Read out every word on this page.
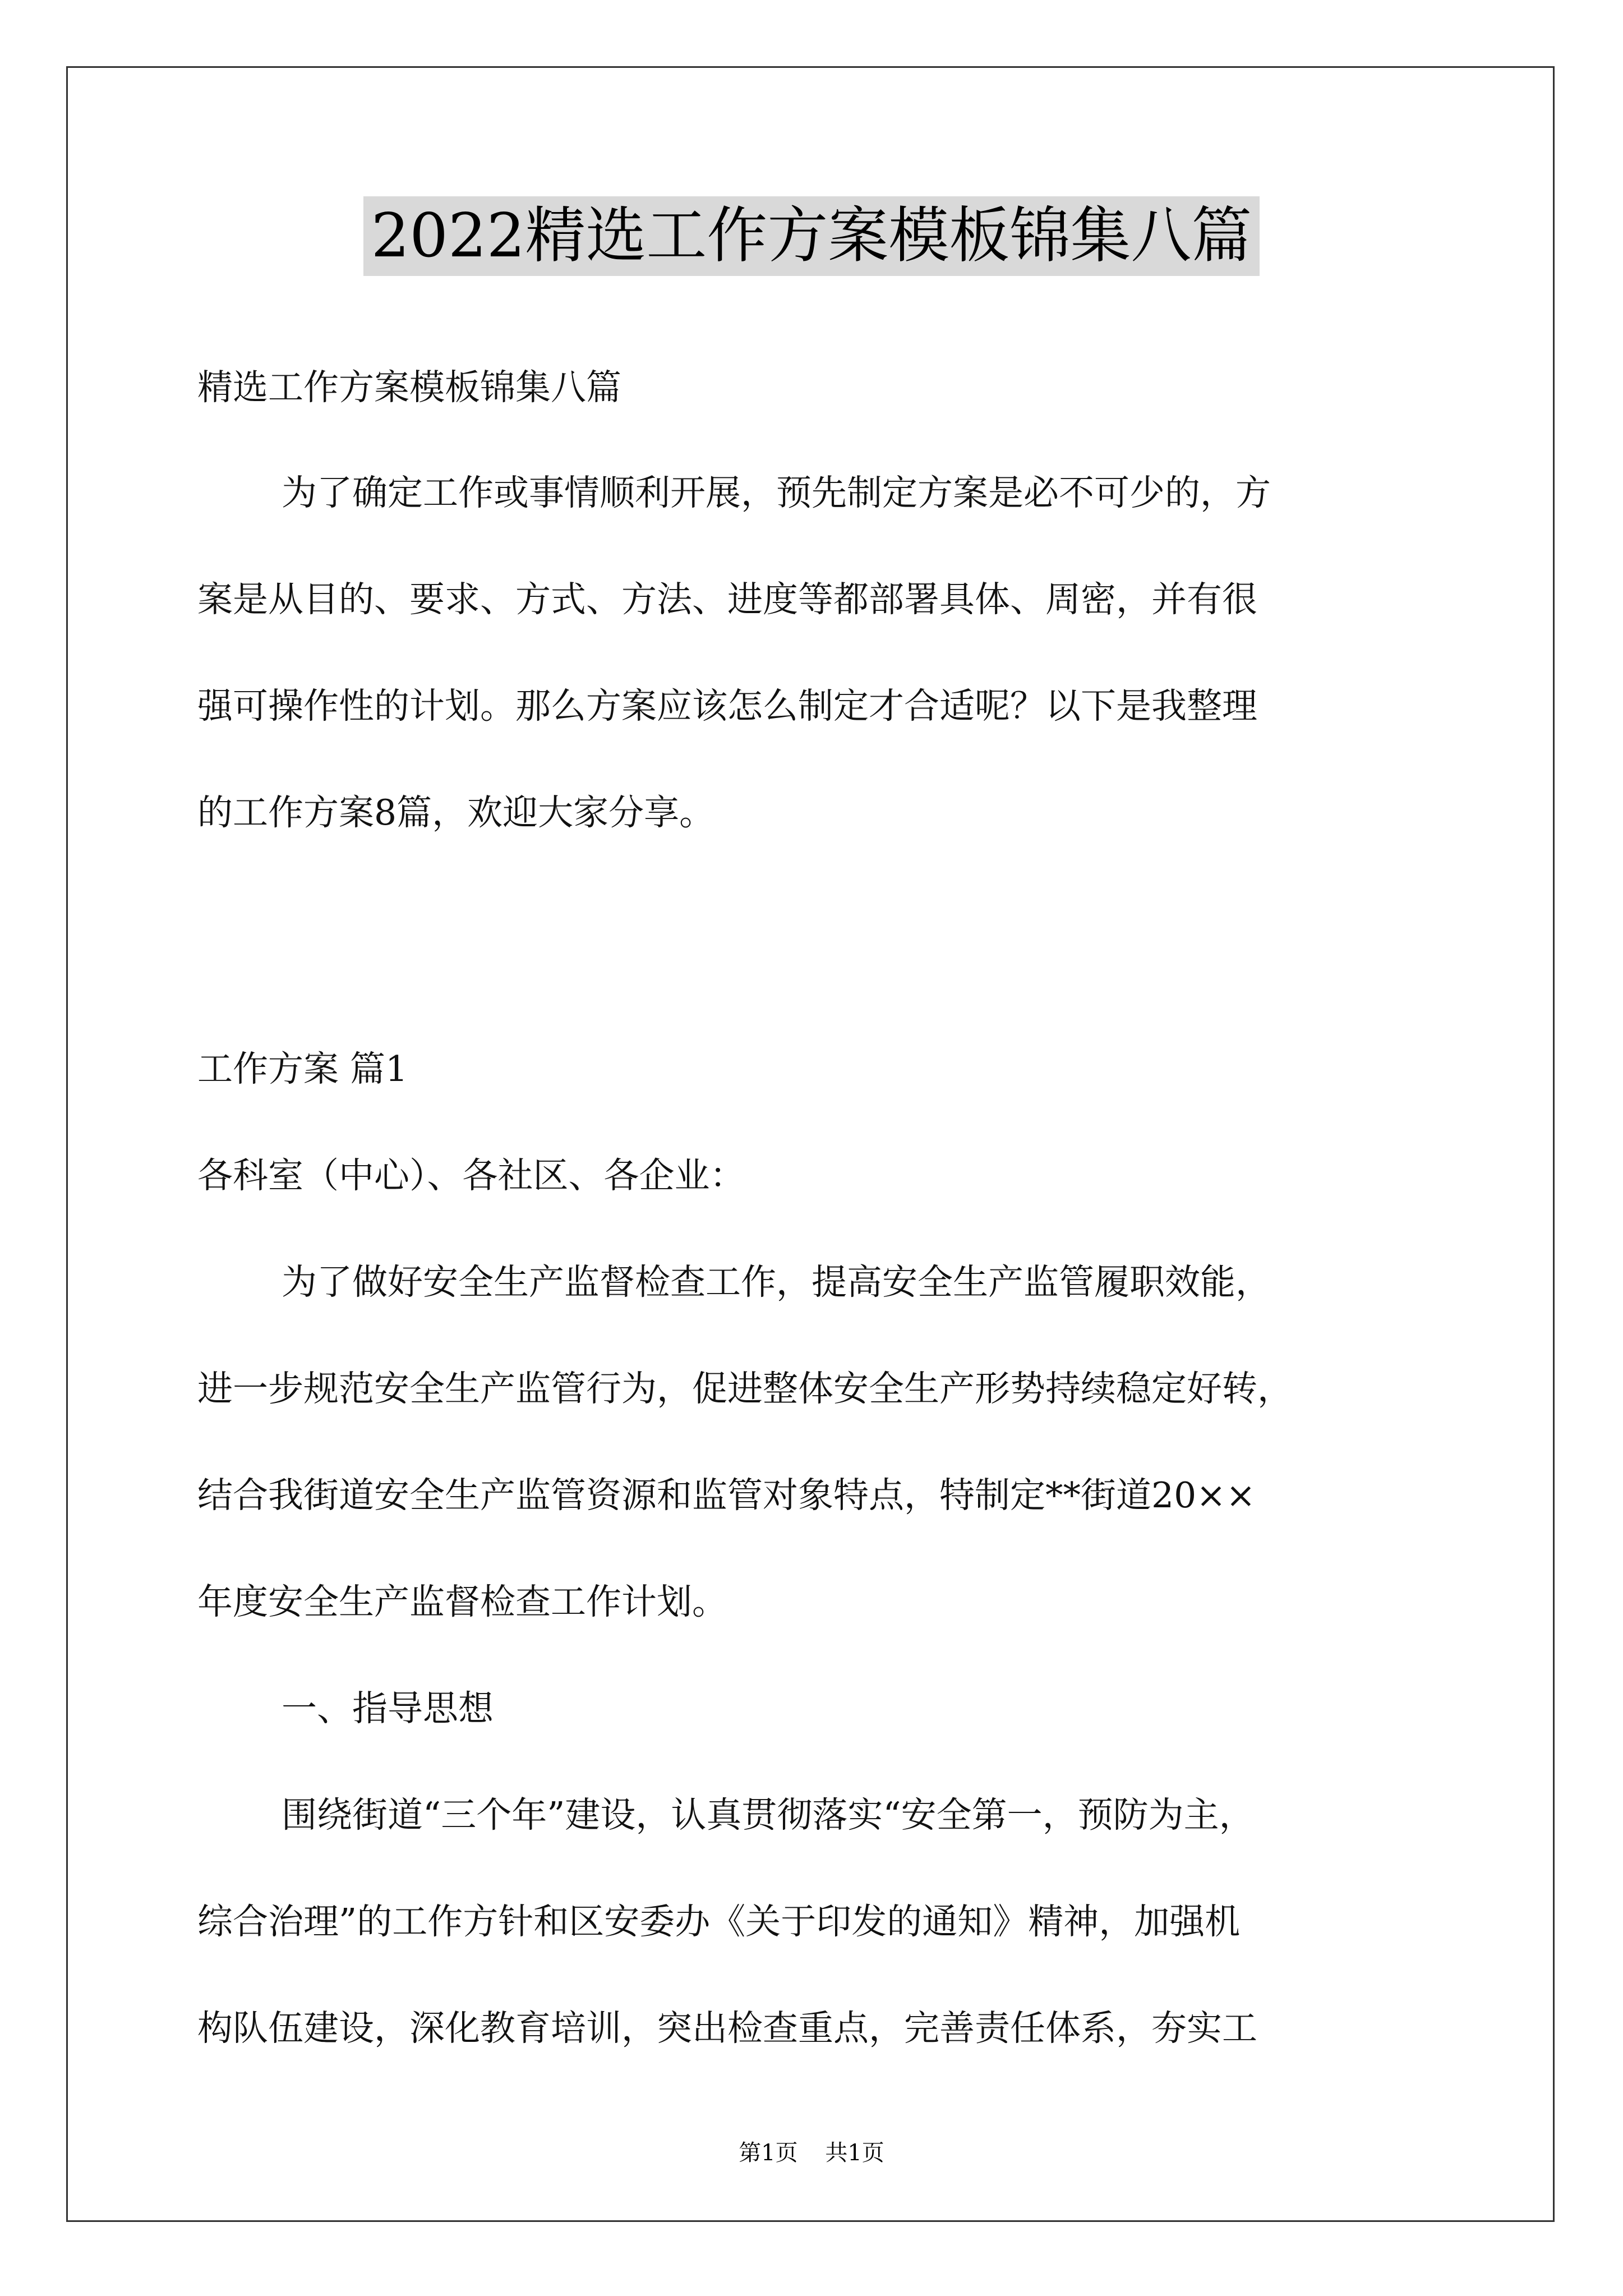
2022精选工作方案模板锦集八篇

精选工作方案模板锦集八篇

为了确定工作或事情顺利开展，预先制定方案是必不可少的，方

案是从目的、要求、方式、方法、进度等都部署具体、周密，并有很

强可操作性的计划。那么方案应该怎么制定才合适呢？以下是我整理

的工作方案8篇，欢迎大家分享。

工作方案 篇1

各科室（中心）、各社区、各企业：

为了做好安全生产监督检查工作，提高安全生产监管履职效能，

进一步规范安全生产监管行为，促进整体安全生产形势持续稳定好转，

结合我街道安全生产监管资源和监管对象特点，特制定**街道20××

年度安全生产监督检查工作计划。

一、指导思想

围绕街道“三个年”建设，认真贯彻落实“安全第一，预防为主，

综合治理”的工作方针和区安委办《关于印发的通知》精神，加强机

构队伍建设，深化教育培训，突出检查重点，完善责任体系，夯实工

第1页 共1页
